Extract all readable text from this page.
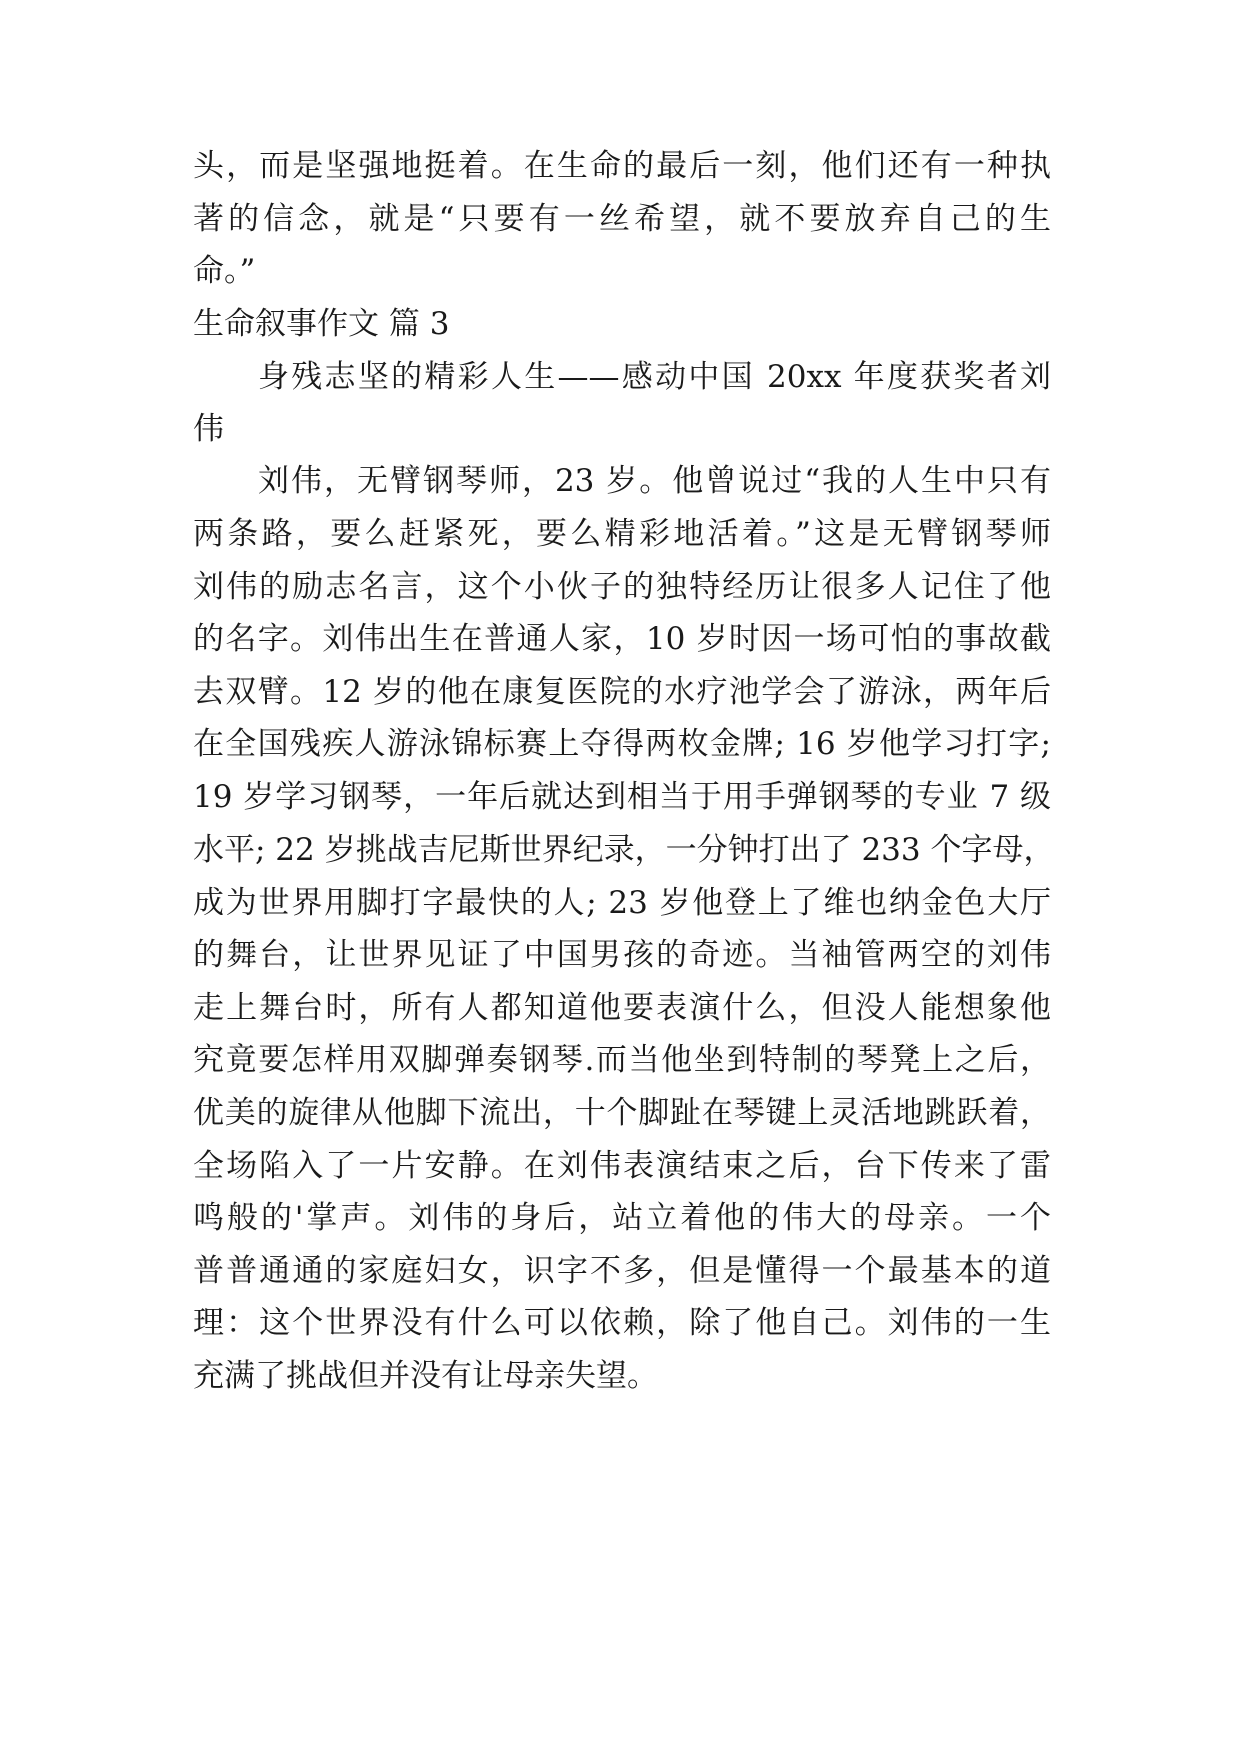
头，而是坚强地挺着。在生命的最后一刻，他们还有一种执
著的信念，就是“只要有一丝希望，就不要放弃自己的生
命。”
生命叙事作文 篇 3
身残志坚的精彩人生——感动中国 20xx 年度获奖者刘
伟
刘伟，无臂钢琴师，23 岁。他曾说过“我的人生中只有
两条路，要么赶紧死，要么精彩地活着。”这是无臂钢琴师
刘伟的励志名言，这个小伙子的独特经历让很多人记住了他
的名字。刘伟出生在普通人家，10 岁时因一场可怕的事故截
去双臂。12 岁的他在康复医院的水疗池学会了游泳，两年后
在全国残疾人游泳锦标赛上夺得两枚金牌; 16 岁他学习打字;
19 岁学习钢琴，一年后就达到相当于用手弹钢琴的专业 7 级
水平; 22 岁挑战吉尼斯世界纪录，一分钟打出了 233 个字母，
成为世界用脚打字最快的人; 23 岁他登上了维也纳金色大厅
的舞台，让世界见证了中国男孩的奇迹。当袖管两空的刘伟
走上舞台时，所有人都知道他要表演什么，但没人能想象他
究竟要怎样用双脚弹奏钢琴.而当他坐到特制的琴凳上之后，
优美的旋律从他脚下流出，十个脚趾在琴键上灵活地跳跃着，
全场陷入了一片安静。在刘伟表演结束之后，台下传来了雷
鸣般的'掌声。刘伟的身后，站立着他的伟大的母亲。一个
普普通通的家庭妇女，识字不多，但是懂得一个最基本的道
理：这个世界没有什么可以依赖，除了他自己。刘伟的一生
充满了挑战但并没有让母亲失望。
